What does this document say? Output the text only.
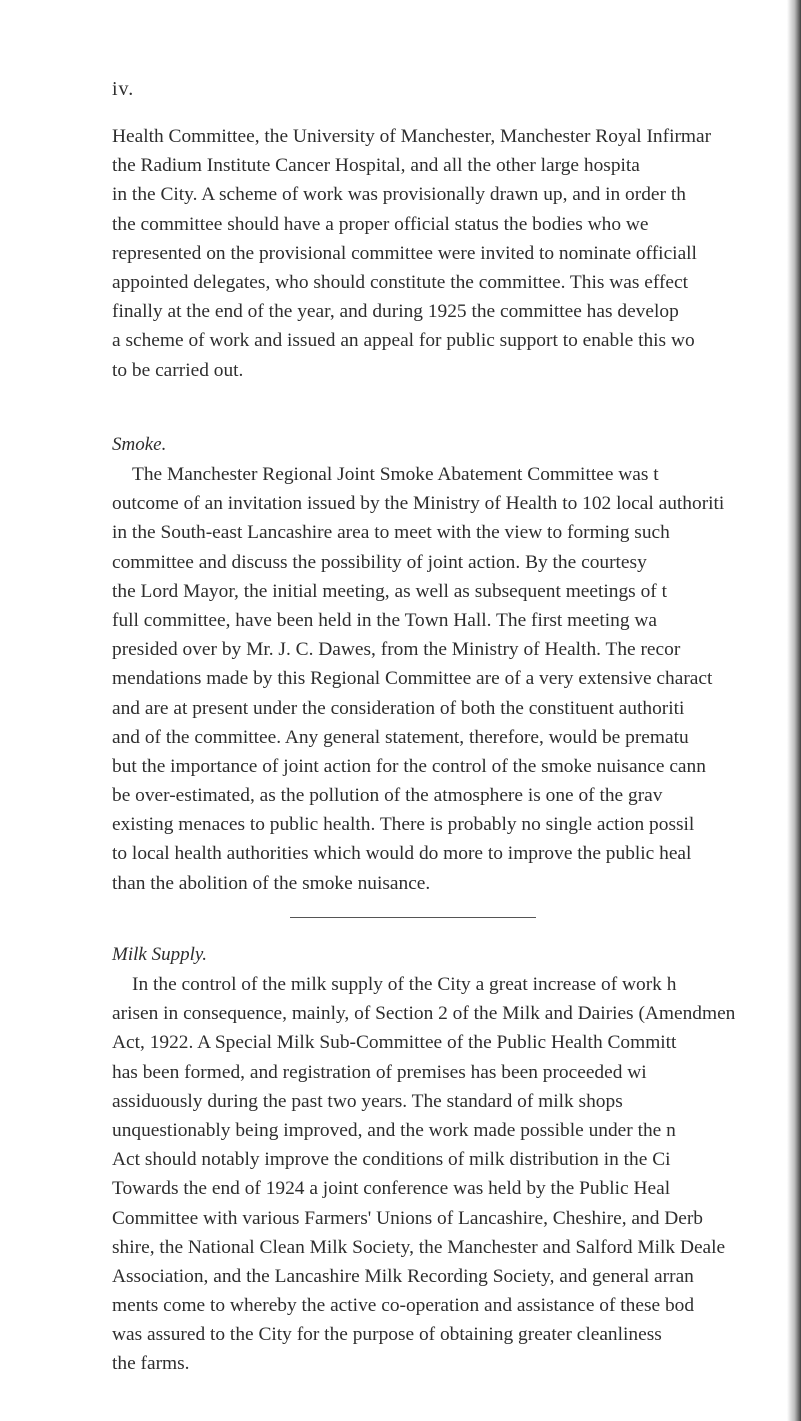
iv.
Health Committee, the University of Manchester, Manchester Royal Infirmar
the Radium Institute Cancer Hospital, and all the other large hospita
in the City. A scheme of work was provisionally drawn up, and in order th
the committee should have a proper official status the bodies who we
represented on the provisional committee were invited to nominate officiall
appointed delegates, who should constitute the committee. This was effect
finally at the end of the year, and during 1925 the committee has develop
a scheme of work and issued an appeal for public support to enable this wo
to be carried out.
Smoke.
The Manchester Regional Joint Smoke Abatement Committee was t
outcome of an invitation issued by the Ministry of Health to 102 local authoriti
in the South-east Lancashire area to meet with the view to forming such
committee and discuss the possibility of joint action. By the courtesy
the Lord Mayor, the initial meeting, as well as subsequent meetings of t
full committee, have been held in the Town Hall. The first meeting wa
presided over by Mr. J. C. Dawes, from the Ministry of Health. The recor
mendations made by this Regional Committee are of a very extensive charact
and are at present under the consideration of both the constituent authoriti
and of the committee. Any general statement, therefore, would be prematu
but the importance of joint action for the control of the smoke nuisance cann
be over-estimated, as the pollution of the atmosphere is one of the grav
existing menaces to public health. There is probably no single action possil
to local health authorities which would do more to improve the public heal
than the abolition of the smoke nuisance.
Milk Supply.
In the control of the milk supply of the City a great increase of work h
arisen in consequence, mainly, of Section 2 of the Milk and Dairies (Amendmen
Act, 1922. A Special Milk Sub-Committee of the Public Health Committ
has been formed, and registration of premises has been proceeded wi
assiduously during the past two years. The standard of milk shops
unquestionably being improved, and the work made possible under the n
Act should notably improve the conditions of milk distribution in the Ci
Towards the end of 1924 a joint conference was held by the Public Heal
Committee with various Farmers' Unions of Lancashire, Cheshire, and Derb
shire, the National Clean Milk Society, the Manchester and Salford Milk Deale
Association, and the Lancashire Milk Recording Society, and general arran
ments come to whereby the active co-operation and assistance of these bod
was assured to the City for the purpose of obtaining greater cleanliness
the farms.
